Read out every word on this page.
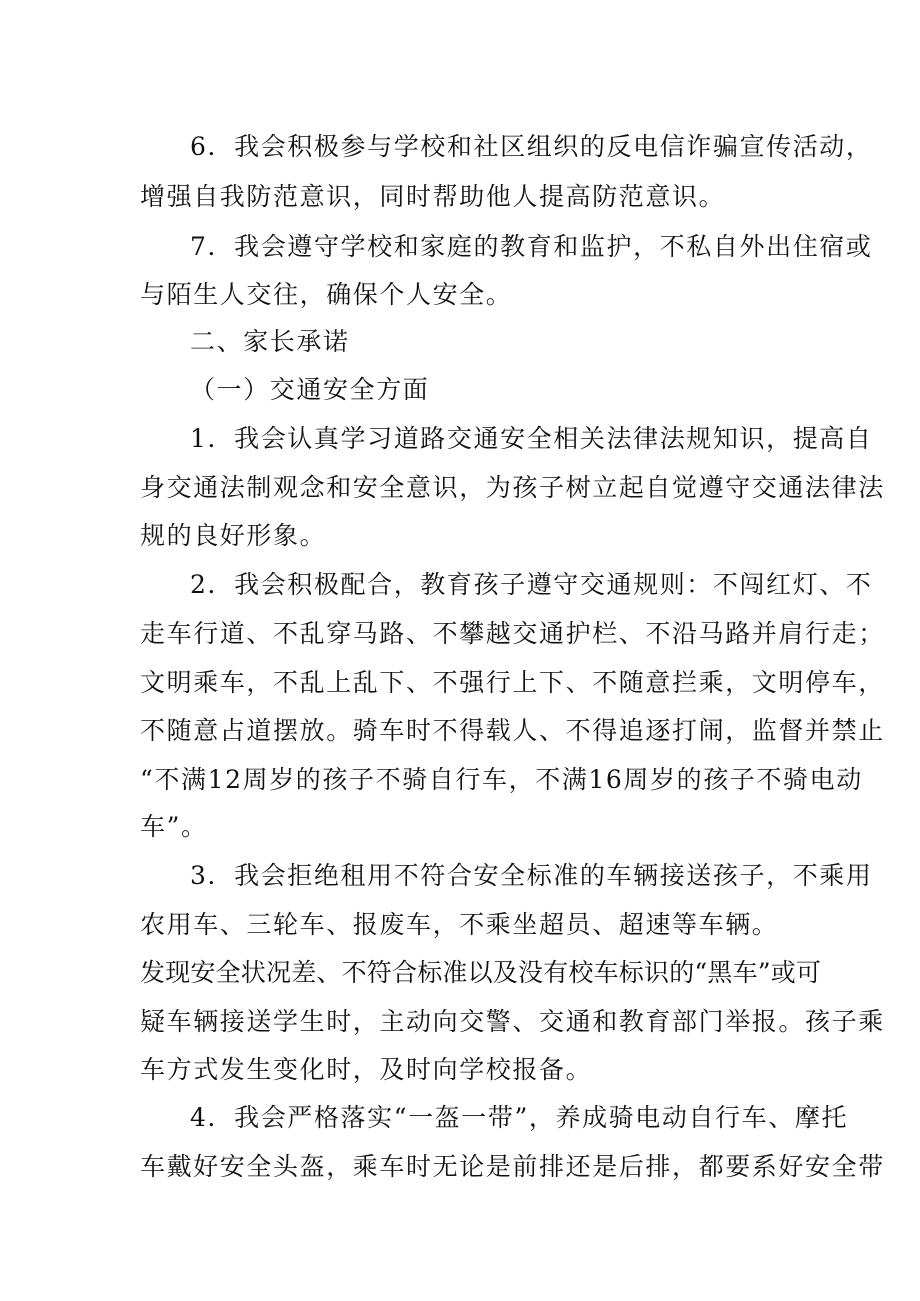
6．我会积极参与学校和社区组织的反电信诈骗宣传活动，
增强自我防范意识，同时帮助他人提高防范意识。
7．我会遵守学校和家庭的教育和监护，不私自外出住宿或
与陌生人交往，确保个人安全。
二、家长承诺
（一）交通安全方面
1．我会认真学习道路交通安全相关法律法规知识，提高自
身交通法制观念和安全意识，为孩子树立起自觉遵守交通法律法
规的良好形象。
2．我会积极配合，教育孩子遵守交通规则：不闯红灯、不
走车行道、不乱穿马路、不攀越交通护栏、不沿马路并肩行走；
文明乘车，不乱上乱下、不强行上下、不随意拦乘，文明停车，
不随意占道摆放。骑车时不得载人、不得追逐打闹，监督并禁止
“不满12周岁的孩子不骑自行车，不满16周岁的孩子不骑电动
车”。
3．我会拒绝租用不符合安全标准的车辆接送孩子，不乘用
农用车、三轮车、报废车，不乘坐超员、超速等车辆。
发现安全状况差、不符合标准以及没有校车标识的“黑车”或可
疑车辆接送学生时，主动向交警、交通和教育部门举报。孩子乘
车方式发生变化时，及时向学校报备。
4．我会严格落实“一盔一带”，养成骑电动自行车、摩托
车戴好安全头盔，乘车时无论是前排还是后排，都要系好安全带
